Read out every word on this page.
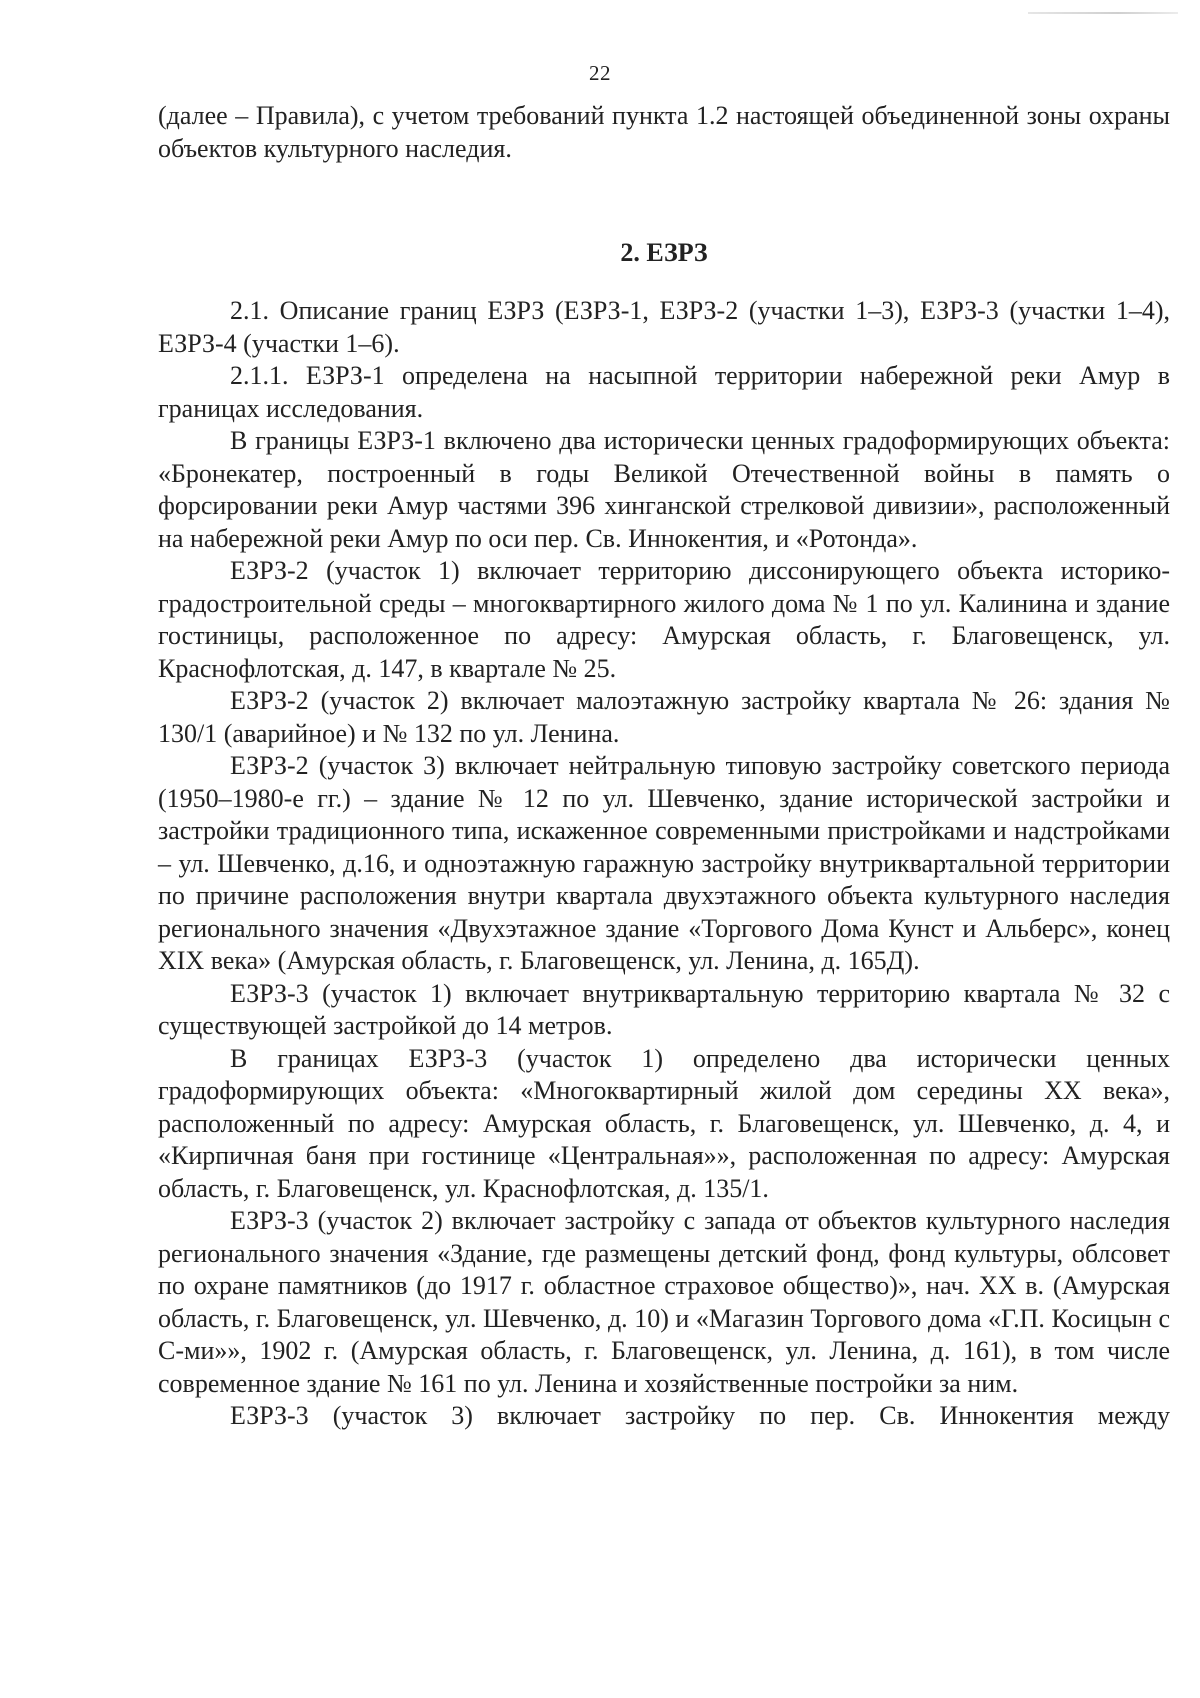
22

(далее – Правила), с учетом требований пункта 1.2 настоящей объединенной зоны охраны объектов культурного наследия.

2. ЕЗРЗ

2.1. Описание границ ЕЗРЗ (ЕЗРЗ-1, ЕЗРЗ-2 (участки 1–3), ЕЗРЗ-3 (участки 1–4), ЕЗРЗ-4 (участки 1–6).

2.1.1. ЕЗРЗ-1 определена на насыпной территории набережной реки Амур в границах исследования.

В границы ЕЗРЗ-1 включено два исторически ценных градоформирующих объекта: «Бронекатер, построенный в годы Великой Отечественной войны в память о форсировании реки Амур частями 396 хинганской стрелковой дивизии», расположенный на набережной реки Амур по оси пер. Св. Иннокентия, и «Ротонда».

ЕЗРЗ-2 (участок 1) включает территорию диссонирующего объекта историко-градостроительной среды – многоквартирного жилого дома № 1 по ул. Калинина и здание гостиницы, расположенное по адресу: Амурская область, г. Благовещенск, ул. Краснофлотская, д. 147, в квартале № 25.

ЕЗРЗ-2 (участок 2) включает малоэтажную застройку квартала № 26: здания № 130/1 (аварийное) и № 132 по ул. Ленина.

ЕЗРЗ-2 (участок 3) включает нейтральную типовую застройку советского периода (1950–1980-е гг.) – здание № 12 по ул. Шевченко, здание исторической застройки и застройки традиционного типа, искаженное современными пристройками и надстройками – ул. Шевченко, д.16, и одноэтажную гаражную застройку внутриквартальной территории по причине расположения внутри квартала двухэтажного объекта культурного наследия регионального значения «Двухэтажное здание «Торгового Дома Кунст и Альберс», конец XIX века» (Амурская область, г. Благовещенск, ул. Ленина, д. 165Д).

ЕЗРЗ-3 (участок 1) включает внутриквартальную территорию квартала № 32 с существующей застройкой до 14 метров.

В границах ЕЗРЗ-3 (участок 1) определено два исторически ценных градоформирующих объекта: «Многоквартирный жилой дом середины XX века», расположенный по адресу: Амурская область, г. Благовещенск, ул. Шевченко, д. 4, и «Кирпичная баня при гостинице «Центральная»», расположенная по адресу: Амурская область, г. Благовещенск, ул. Краснофлотская, д. 135/1.

ЕЗРЗ-3 (участок 2) включает застройку с запада от объектов культурного наследия регионального значения «Здание, где размещены детский фонд, фонд культуры, облсовет по охране памятников (до 1917 г. областное страховое общество)», нач. XX в. (Амурская область, г. Благовещенск, ул. Шевченко, д. 10) и «Магазин Торгового дома «Г.П. Косицын с С-ми»», 1902 г. (Амурская область, г. Благовещенск, ул. Ленина, д. 161), в том числе современное здание № 161 по ул. Ленина и хозяйственные постройки за ним.

ЕЗРЗ-3 (участок 3) включает застройку по пер. Св. Иннокентия между
